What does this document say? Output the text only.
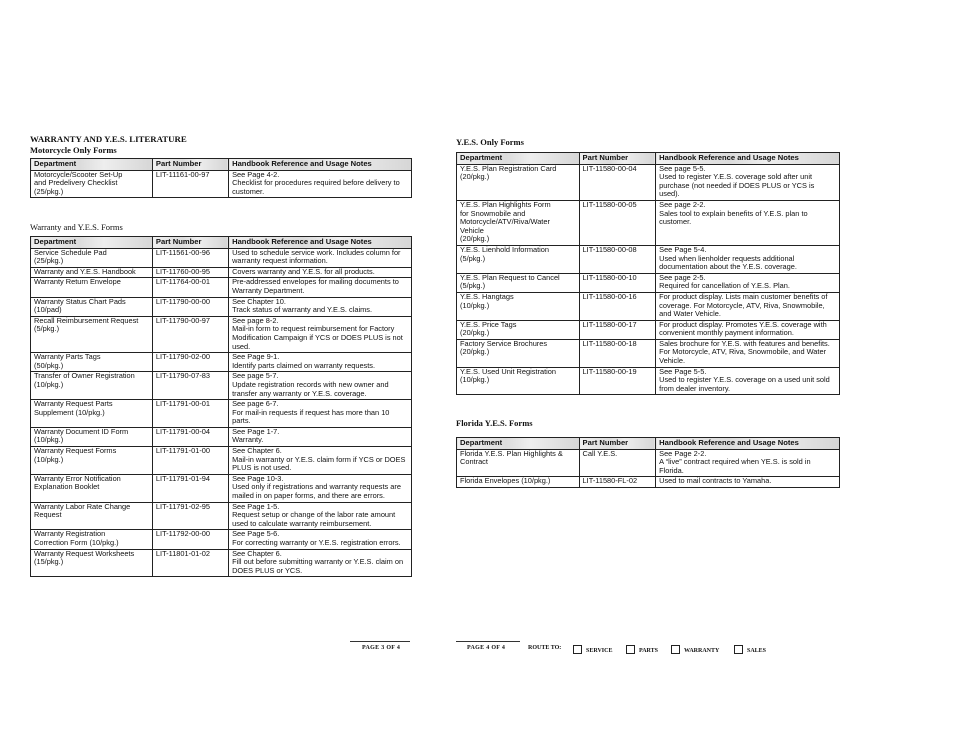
WARRANTY AND Y.E.S. LITERATURE
Motorcycle Only Forms
Department	Part Number	Handbook Reference and Usage Notes

Motorcycle/Scooter Set-Up
and Predelivery Checklist
(25/pkg.)	LIT-11161-00-97	See Page 4-2.
Checklist for procedures required before delivery to customer.
Warranty and Y.E.S. Forms
Department	Part Number	Handbook Reference and Usage Notes

Service Schedule Pad
(25/pkg.)	LIT-11561-00-96	Used to schedule service work. Includes column for warranty request information.

Warranty and Y.E.S. Handbook	LIT-11760-00-95	Covers warranty and Y.E.S. for all products.

Warranty Return Envelope	LIT-11764-00-01	Pre-addressed envelopes for mailing documents to Warranty Department.

Warranty Status Chart Pads
(10/pad)	LIT-11790-00-00	See Chapter 10.
Track status of warranty and Y.E.S. claims.

Recall Reimbursement Request
(5/pkg.)	LIT-11790-00-97	See page 8-2.
Mail-in form to request reimbursement for Factory Modification Campaign if YCS or DOES PLUS is not used.

Warranty Parts Tags
(50/pkg.)	LIT-11790-02-00	See Page 9-1.
Identify parts claimed on warranty requests.

Transfer of Owner Registration
(10/pkg.)	LIT-11790-07-83	See page 5-7.
Update registration records with new owner and transfer any warranty or Y.E.S. coverage.

Warranty Request Parts
Supplement (10/pkg.)	LIT-11791-00-01	See page 6-7.
For mail-in requests if request has more than 10 parts.

Warranty Document ID Form
(10/pkg.)	LIT-11791-00-04	See Page 1-7.
Warranty.

Warranty Request Forms
(10/pkg.)	LIT-11791-01-00	See Chapter 6.
Mail-in warranty or Y.E.S. claim form if YCS or DOES PLUS is not used.

Warranty Error Notification
Explanation Booklet	LIT-11791-01-94	See Page 10-3.
Used only if registrations and warranty requests are mailed in on paper forms, and there are errors.

Warranty Labor Rate Change
Request	LIT-11791-02-95	See Page 1-5.
Request setup or change of the labor rate amount used to calculate warranty reimbursement.

Warranty Registration
Correction Form (10/pkg.)	LIT-11792-00-00	See Page 5-6.
For correcting warranty or Y.E.S. registration errors.

Warranty Request Worksheets
(15/pkg.)	LIT-11801-01-02	See Chapter 6.
Fill out before submitting warranty or Y.E.S. claim on DOES PLUS or YCS.
Y.E.S. Only Forms
Department	Part Number	Handbook Reference and Usage Notes

Y.E.S. Plan Registration Card
(20/pkg.)	LIT-11580-00-04	See page 5-5.
Used to register Y.E.S. coverage sold after unit purchase (not needed if DOES PLUS or YCS is used).

Y.E.S. Plan Highlights Form
for Snowmobile and
Motorcycle/ATV/Riva/Water
Vehicle
(20/pkg.)	LIT-11580-00-05	See page 2-2.
Sales tool to explain benefits of Y.E.S. plan to customer.

Y.E.S. Lienhold Information
(5/pkg.)	LIT-11580-00-08	See Page 5-4.
Used when lienholder requests additional documentation about the Y.E.S. coverage.

Y.E.S. Plan Request to Cancel
(5/pkg.)	LIT-11580-00-10	See page 2-5.
Required for cancellation of Y.E.S. Plan.

Y.E.S. Hangtags
(10/pkg.)	LIT-11580-00-16	For product display. Lists main customer benefits of coverage. For Motorcycle, ATV, Riva, Snowmobile, and Water Vehicle.

Y.E.S. Price Tags
(20/pkg.)	LIT-11580-00-17	For product display. Promotes Y.E.S. coverage with convenient monthly payment information.

Factory Service Brochures
(20/pkg.)	LIT-11580-00-18	Sales brochure for Y.E.S. with features and benefits. For Motorcycle, ATV, Riva, Snowmobile, and Water Vehicle.

Y.E.S. Used Unit Registration
(10/pkg.)	LIT-11580-00-19	See Page 5-5.
Used to register Y.E.S. coverage on a used unit sold from dealer inventory.
Florida Y.E.S. Forms
Department	Part Number	Handbook Reference and Usage Notes

Florida Y.E.S. Plan Highlights &
Contract	Call Y.E.S.	See Page 2-2.
A “live” contract required when YE.S. is sold in Florida.

Florida Envelopes (10/pkg.)	LIT-11580-FL-02	Used to mail contracts to Yamaha.
PAGE 3 OF 4	PAGE 4 OF 4	ROUTE TO:	SERVICE	PARTS	WARRANTY	SALES
